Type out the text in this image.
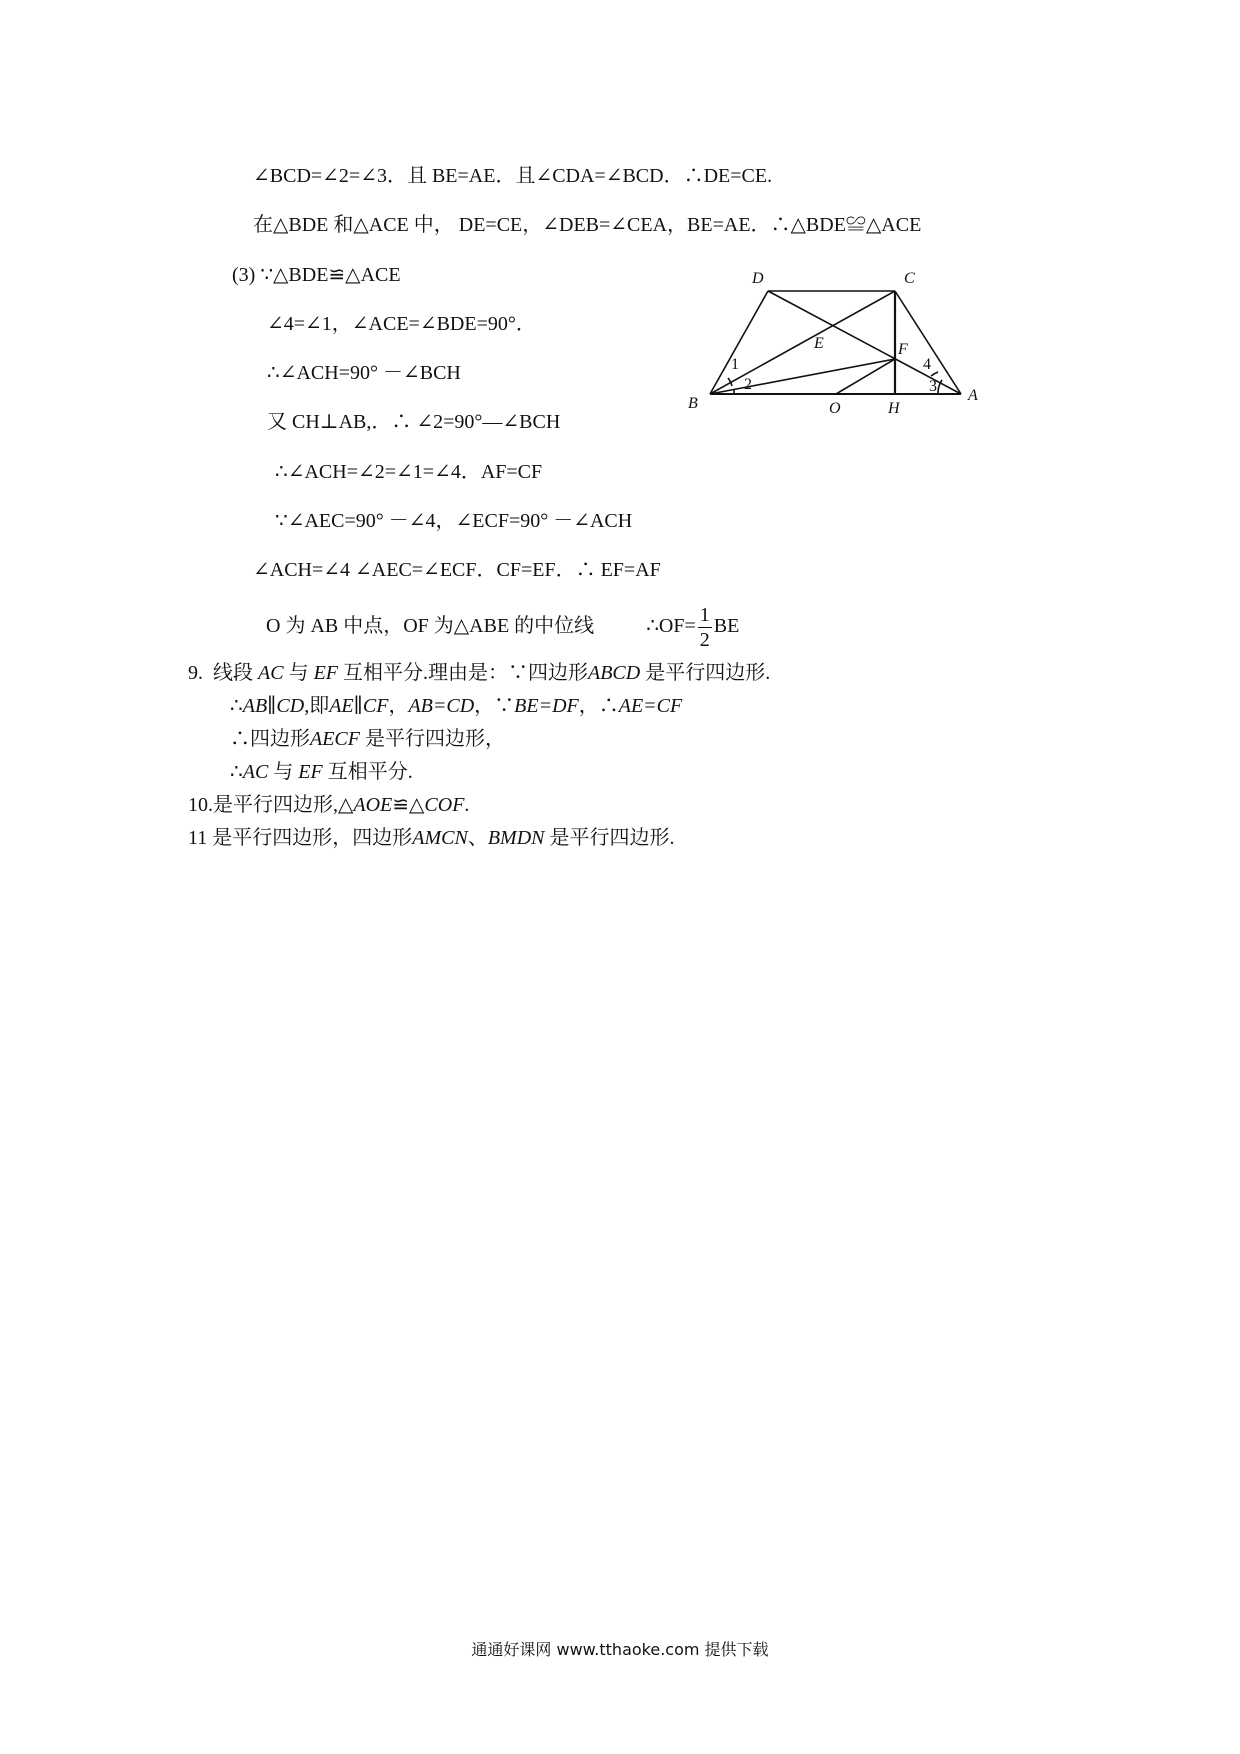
∠BCD=∠2=∠3．且 BE=AE．且∠CDA=∠BCD．∴DE=CE.
在△BDE 和△ACE 中， DE=CE，∠DEB=∠CEA，BE=AE．∴△BDE≌△ACE
(3) ∵△BDE≌△ACE
∠4=∠1，∠ACE=∠BDE=90°．
∴∠ACH=90° －∠BCH
又 CH⊥AB,．∴ ∠2=90°—∠BCH
∴∠ACH=∠2=∠1=∠4．AF=CF
∵∠AEC=90° －∠4，∠ECF=90° －∠ACH
∠ACH=∠4 ∠AEC=∠ECF．CF=EF．∴ EF=AF
O 为 AB 中点，OF 为△ABE 的中位线	∴OF= $\frac{1}{2}$ BE
D	C
E	F
B	O	H
A
1
2	3
4
9. 线段 AC 与 EF 互相平分.理由是：∵四边形ABCD 是平行四边形.
∴AB∥CD,即AE∥CF，AB=CD，∵BE=DF，∴AE=CF
∴四边形AECF 是平行四边形，
∴AC 与 EF 互相平分.
10.是平行四边形,△AOE≌△COF.
11 是平行四边形，四边形AMCN、BMDN 是平行四边形.
通通好课网 www.tthaoke.com 提供下载
